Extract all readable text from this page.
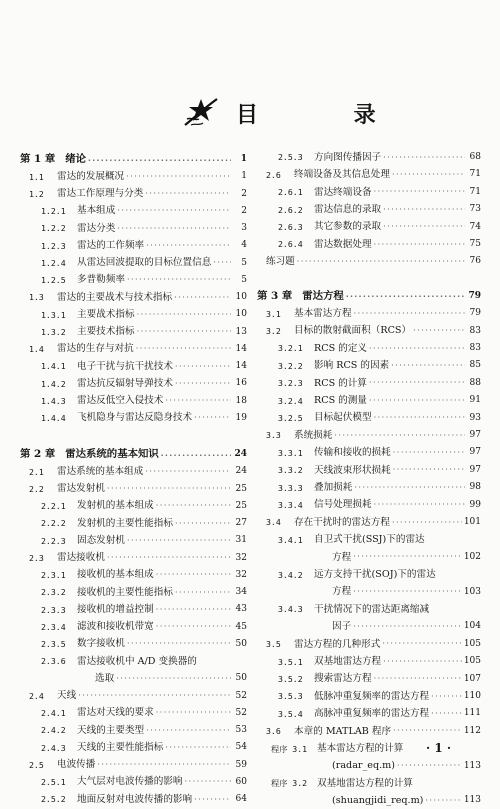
目 录
第 1 章 绪论 ·····	1
1.1	雷达的发展概况 ·····	1
1.2	雷达工作原理与分类 ·····	2
1.2.1	基本组成 ·····	2
1.2.2	雷达分类 ·····	3
1.2.3	雷达的工作频率 ·····	4
1.2.4	从雷达回波提取的目标位置信息 ·····	5
1.2.5	多普勒频率 ·····	5
1.3	雷达的主要战术与技术指标 ·····	10
1.3.1	主要战术指标 ·····	10
1.3.2	主要技术指标 ·····	13
1.4	雷达的生存与对抗 ·····	14
1.4.1	电子干扰与抗干扰技术 ·····	14
1.4.2	雷达抗反辐射导弹技术 ·····	16
1.4.3	雷达反低空入侵技术 ·····	18
1.4.4	飞机隐身与雷达反隐身技术 ·····	19
第 2 章 雷达系统的基本知识 ·····	24
2.1	雷达系统的基本组成 ·····	24
2.2	雷达发射机 ·····	25
2.2.1	发射机的基本组成 ·····	25
2.2.2	发射机的主要性能指标 ·····	27
2.2.3	固态发射机 ·····	31
2.3	雷达接收机 ·····	32
2.3.1	接收机的基本组成 ·····	32
2.3.2	接收机的主要性能指标 ·····	34
2.3.3	接收机的增益控制 ·····	43
2.3.4	滤波和接收机带宽 ·····	45
2.3.5	数字接收机 ·····	50
2.3.6	雷达接收机中 A/D 变换器的
选取 ·····	50
2.4	天线 ·····	52
2.4.1	雷达对天线的要求 ·····	52
2.4.2	天线的主要类型 ·····	53
2.4.3	天线的主要性能指标 ·····	54
2.5	电波传播 ·····	59
2.5.1	大气层对电波传播的影响 ·····	60
2.5.2	地面反射对电波传播的影响 ·····	64
2.5.3	方向图传播因子 ·····	68
2.6	终端设备及其信息处理 ·····	71
2.6.1	雷达终端设备 ·····	71
2.6.2	雷达信息的录取 ·····	73
2.6.3	其它参数的录取 ·····	74
2.6.4	雷达数据处理 ·····	75
练习题 ·····	76
第 3 章 雷达方程 ·····	79
3.1	基本雷达方程 ·····	79
3.2	目标的散射截面积（RCS） ·····	83
3.2.1	RCS 的定义 ·····	83
3.2.2	影响 RCS 的因素 ·····	85
3.2.3	RCS 的计算 ·····	88
3.2.4	RCS 的测量 ·····	91
3.2.5	目标起伏模型 ·····	93
3.3	系统损耗 ·····	97
3.3.1	传输和接收的损耗 ·····	97
3.3.2	天线波束形状损耗 ·····	97
3.3.3	叠加损耗 ·····	98
3.3.4	信号处理损耗 ·····	99
3.4	存在干扰时的雷达方程 ·····	101
3.4.1	自卫式干扰(SSJ)下的雷达
方程 ·····	102
3.4.2	远方支持干扰(SOJ)下的雷达
方程 ·····	103
3.4.3	干扰情况下的雷达距离缩减
因子 ·····	104
3.5	雷达方程的几种形式 ·····	105
3.5.1	双基地雷达方程 ·····	105
3.5.2	搜索雷达方程 ·····	107
3.5.3	低脉冲重复频率的雷达方程 ·····	110
3.5.4	高脉冲重复频率的雷达方程 ·····	111
3.6	本章的 MATLAB 程序 ·····	112
程序 3.1	基本雷达方程的计算
(radar_eq.m) ·····	113
程序 3.2	双基地雷达方程的计算
(shuangjidi_req.m) ·····	113
· 1 ·
